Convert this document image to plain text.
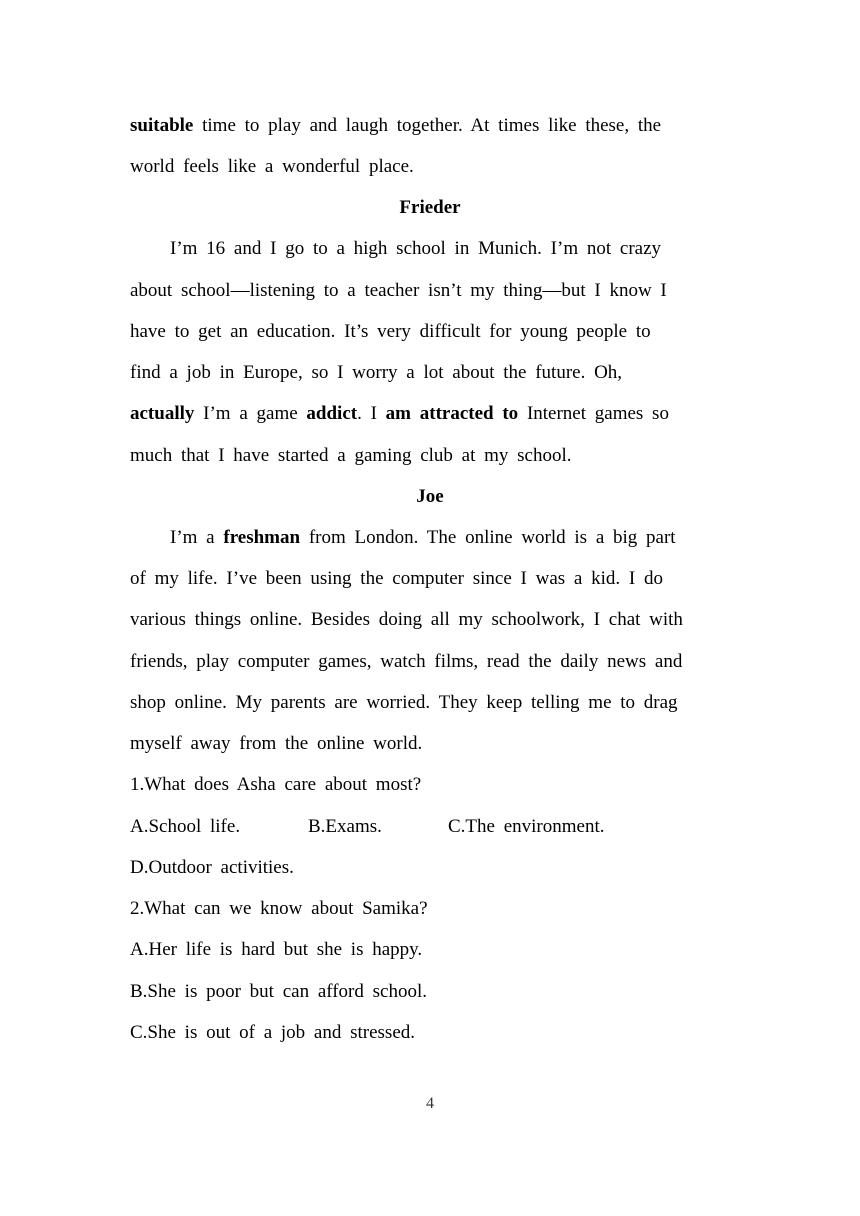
suitable time to play and laugh together. At times like these, the
world feels like a wonderful place.
Frieder
I’m 16 and I go to a high school in Munich. I’m not crazy
about school—listening to a teacher isn’t my thing—but I know I
have to get an education. It’s very difficult for young people to
find a job in Europe, so I worry a lot about the future. Oh,
actually I’m a game addict. I am attracted to Internet games so
much that I have started a gaming club at my school.
Joe
I’m a freshman from London. The online world is a big part
of my life. I’ve been using the computer since I was a kid. I do
various things online. Besides doing all my schoolwork, I chat with
friends, play computer games, watch films, read the daily news and
shop online. My parents are worried. They keep telling me to drag
myself away from the online world.
1.What does Asha care about most?
A.School life.	B.Exams.	C.The environment.
D.Outdoor activities.
2.What can we know about Samika?
A.Her life is hard but she is happy.
B.She is poor but can afford school.
C.She is out of a job and stressed.
4
